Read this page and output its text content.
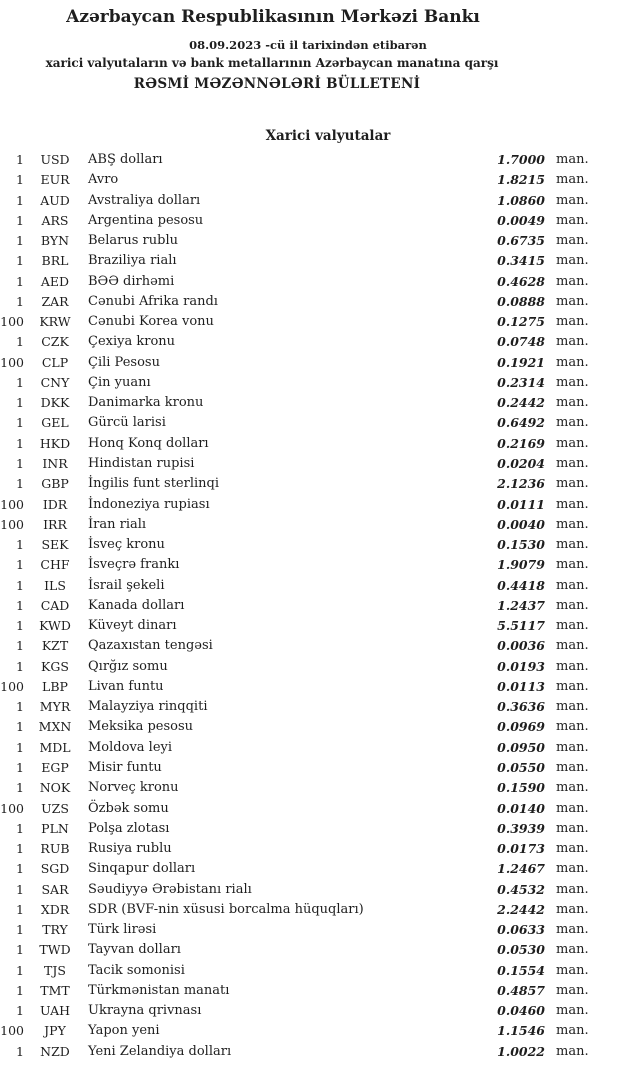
Azərbaycan Respublikasının Mərkəzi Bankı
08.09.2023 -cü il tarixindən etibarən
xarici valyutaların və bank metallarının Azərbaycan manatına qarşı
RƏSMİ MƏZƏNNƏLƏRİ BÜLLETENİ
Xarici valyutalar
1	USD	ABŞ dolları	1.7000 man.
1	EUR	Avro	1.8215 man.
1	AUD	Avstraliya dolları	1.0860 man.
1	ARS	Argentina pesosu	0.0049 man.
1	BYN	Belarus rublu	0.6735 man.
1	BRL	Braziliya rialı	0.3415 man.
1	AED	BƏƏ dirhəmi	0.4628 man.
1	ZAR	Cənubi Afrika randı	0.0888 man.
100	KRW	Cənubi Korea vonu	0.1275 man.
1	CZK	Çexiya kronu	0.0748 man.
100	CLP	Çili Pesosu	0.1921 man.
1	CNY	Çin yuanı	0.2314 man.
1	DKK	Danimarka kronu	0.2442 man.
1	GEL	Gürcü larisi	0.6492 man.
1	HKD	Honq Konq dolları	0.2169 man.
1	INR	Hindistan rupisi	0.0204 man.
1	GBP	İngilis funt sterlinqi	2.1236 man.
100	IDR	İndoneziya rupiası	0.0111 man.
100	IRR	İran rialı	0.0040 man.
1	SEK	İsveç kronu	0.1530 man.
1	CHF	İsveçrə frankı	1.9079 man.
1	ILS	İsrail şekeli	0.4418 man.
1	CAD	Kanada dolları	1.2437 man.
1	KWD	Küveyt dinarı	5.5117 man.
1	KZT	Qazaxıstan tengəsi	0.0036 man.
1	KGS	Qırğız somu	0.0193 man.
100	LBP	Livan funtu	0.0113 man.
1	MYR	Malayziya rinqqiti	0.3636 man.
1	MXN	Meksika pesosu	0.0969 man.
1	MDL	Moldova leyi	0.0950 man.
1	EGP	Misir funtu	0.0550 man.
1	NOK	Norveç kronu	0.1590 man.
100	UZS	Özbək somu	0.0140 man.
1	PLN	Polşa zlotası	0.3939 man.
1	RUB	Rusiya rublu	0.0173 man.
1	SGD	Sinqapur dolları	1.2467 man.
1	SAR	Səudiyyə Ərəbistanı rialı	0.4532 man.
1	XDR	SDR (BVF-nin xüsusi borcalma hüquqları)	2.2442 man.
1	TRY	Türk lirəsi	0.0633 man.
1	TWD	Tayvan dolları	0.0530 man.
1	TJS	Tacik somonisi	0.1554 man.
1	TMT	Türkmənistan manatı	0.4857 man.
1	UAH	Ukrayna qrivnası	0.0460 man.
100	JPY	Yapon yeni	1.1546 man.
1	NZD	Yeni Zelandiya dolları	1.0022 man.
